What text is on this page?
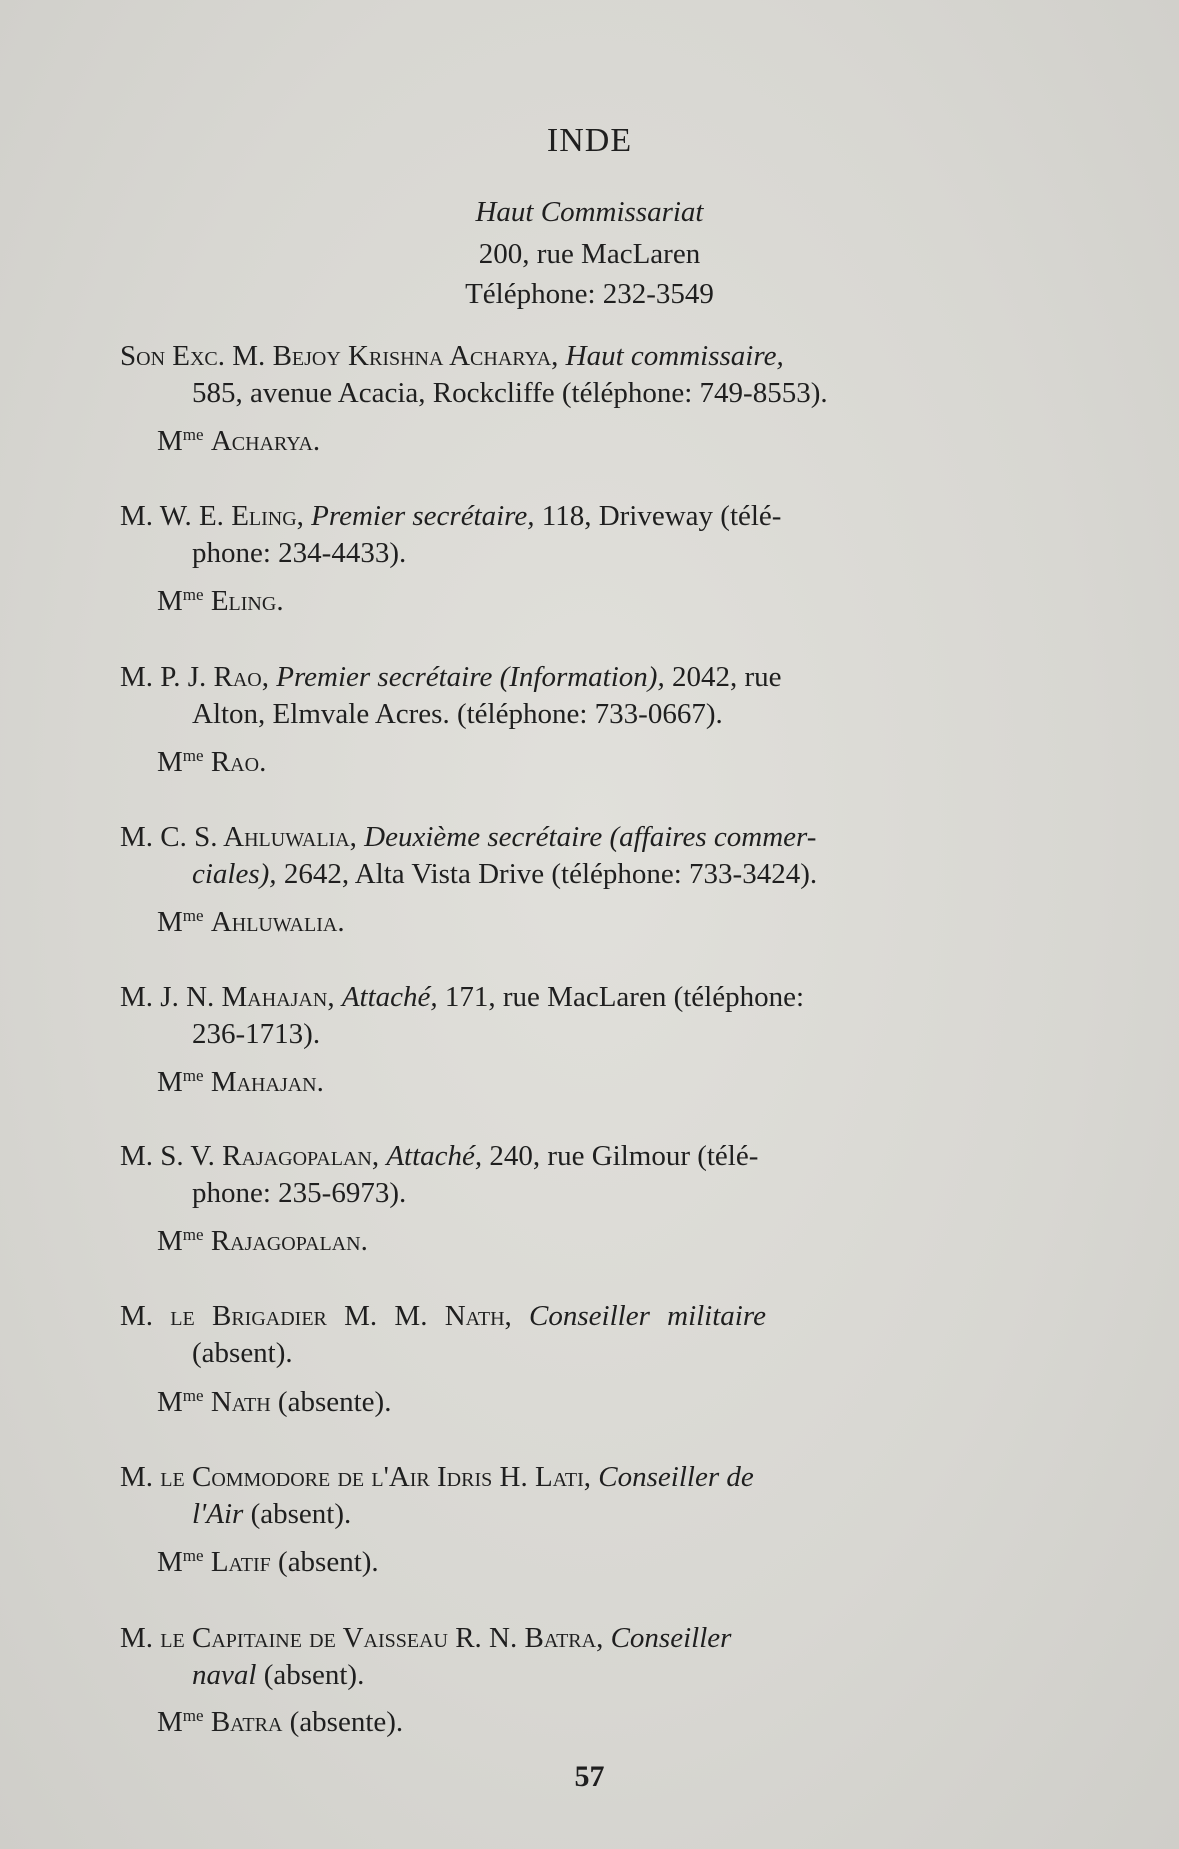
INDE
Haut Commissariat
200, rue MacLaren
Téléphone: 232-3549
Son Exc. M. Bejoy Krishna Acharya, Haut commissaire,
585, avenue Acacia, Rockcliffe (téléphone: 749-8553).
$M^{me}$ Acharya.
M. W. E. Eling, Premier secrétaire, 118, Driveway (télé-
phone: 234-4433).
$M^{me}$ Eling.
M. P. J. Rao, Premier secrétaire (Information), 2042, rue
Alton, Elmvale Acres. (téléphone: 733-0667).
$M^{me}$ Rao.
M. C. S. Ahluwalia, Deuxième secrétaire (affaires commer-
ciales), 2642, Alta Vista Drive (téléphone: 733-3424).
$M^{me}$ Ahluwalia.
M. J. N. Mahajan, Attaché, 171, rue MacLaren (téléphone:
236-1713).
$M^{me}$ Mahajan.
M. S. V. Rajagopalan, Attaché, 240, rue Gilmour (télé-
phone: 235-6973).
$M^{me}$ Rajagopalan.
M. le Brigadier M. M. Nath, Conseiller militaire
(absent).
$M^{me}$ Nath (absente).
M. le Commodore de l'Air Idris H. Lati, Conseiller de
l'Air (absent).
$M^{me}$ Latif (absent).
M. le Capitaine de Vaisseau R. N. Batra, Conseiller
naval (absent).
$M^{me}$ Batra (absente).
57
